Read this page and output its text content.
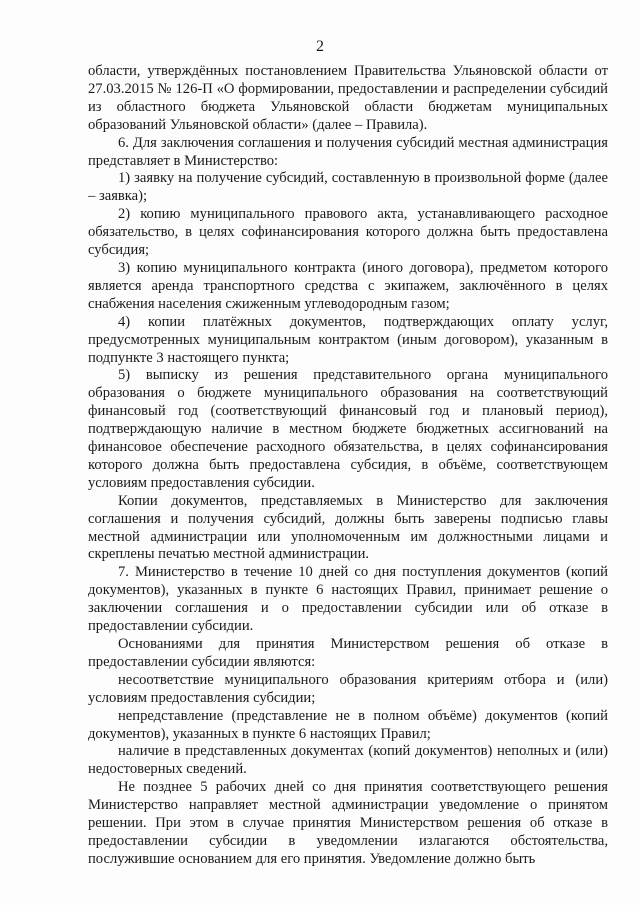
2

области, утверждённых постановлением Правительства Ульяновской области от 27.03.2015 № 126-П «О формировании, предоставлении и распределении субсидий из областного бюджета Ульяновской области бюджетам муниципальных образований Ульяновской области» (далее – Правила).

6. Для заключения соглашения и получения субсидий местная администрация представляет в Министерство:

1) заявку на получение субсидий, составленную в произвольной форме (далее – заявка);

2) копию муниципального правового акта, устанавливающего расходное обязательство, в целях софинансирования которого должна быть предоставлена субсидия;

3) копию муниципального контракта (иного договора), предметом которого является аренда транспортного средства с экипажем, заключённого в целях снабжения населения сжиженным углеводородным газом;

4) копии платёжных документов, подтверждающих оплату услуг, предусмотренных муниципальным контрактом (иным договором), указанным в подпункте 3 настоящего пункта;

5) выписку из решения представительного органа муниципального образования о бюджете муниципального образования на соответствующий финансовый год (соответствующий финансовый год и плановый период), подтверждающую наличие в местном бюджете бюджетных ассигнований на финансовое обеспечение расходного обязательства, в целях софинансирования которого должна быть предоставлена субсидия, в объёме, соответствующем условиям предоставления субсидии.

Копии документов, представляемых в Министерство для заключения соглашения и получения субсидий, должны быть заверены подписью главы местной администрации или уполномоченным им должностными лицами и скреплены печатью местной администрации.

7. Министерство в течение 10 дней со дня поступления документов (копий документов), указанных в пункте 6 настоящих Правил, принимает решение о заключении соглашения и о предоставлении субсидии или об отказе в предоставлении субсидии.

Основаниями для принятия Министерством решения об отказе в предоставлении субсидии являются:

несоответствие муниципального образования критериям отбора и (или) условиям предоставления субсидии;

непредставление (представление не в полном объёме) документов (копий документов), указанных в пункте 6 настоящих Правил;

наличие в представленных документах (копий документов) неполных и (или) недостоверных сведений.

Не позднее 5 рабочих дней со дня принятия соответствующего решения Министерство направляет местной администрации уведомление о принятом решении. При этом в случае принятия Министерством решения об отказе в предоставлении субсидии в уведомлении излагаются обстоятельства, послужившие основанием для его принятия. Уведомление должно быть
